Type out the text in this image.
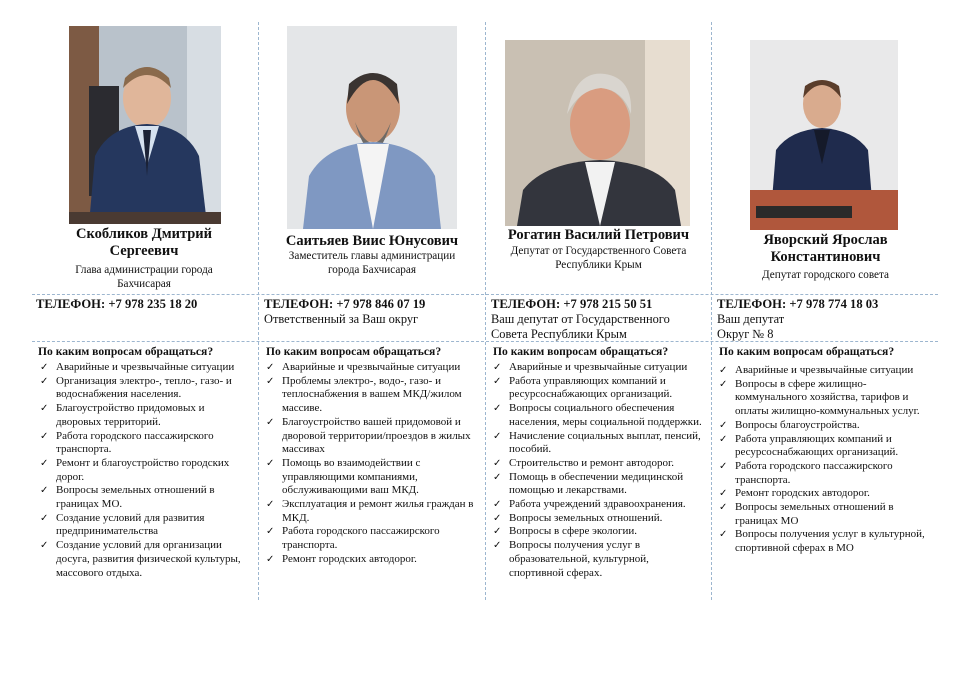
Скобликов Дмитрий
Сергеевич
Глава администрации города Бахчисарая
ТЕЛЕФОН: +7 978 235 18 20
По каким вопросам обращаться?
✓ Аварийные и чрезвычайные ситуации
✓ Организация электро-, тепло-, газо- и водоснабжения населения.
✓ Благоустройство придомовых и дворовых территорий.
✓ Работа городского пассажирского транспорта.
✓ Ремонт и благоустройство городских дорог.
✓ Вопросы земельных отношений в границах МО.
✓ Создание условий для развития предпринимательства
✓ Создание условий для организации досуга, развития физической культуры, массового отдыха.
Саитьяев Виис Юнусович
Заместитель главы администрации города Бахчисарая
ТЕЛЕФОН: +7 978 846 07 19
Ответственный за Ваш округ
По каким вопросам обращаться?
✓ Аварийные и чрезвычайные ситуации
✓ Проблемы электро-, водо-, газо- и теплоснабжения в вашем МКД/жилом массиве.
✓ Благоустройство вашей придомовой и дворовой территории/проездов в жилых массивах
✓ Помощь во взаимодействии с управляющими компаниями, обслуживающими ваш МКД.
✓ Эксплуатация и ремонт жилья граждан в МКД.
✓ Работа городского пассажирского транспорта.
✓ Ремонт городских автодорог.
Рогатин Василий Петрович
Депутат от Государственного Совета Республики Крым
ТЕЛЕФОН: +7 978 215 50 51
Ваш депутат от Государственного Совета Республики Крым
По каким вопросам обращаться?
✓ Аварийные и чрезвычайные ситуации
✓ Работа управляющих компаний и ресурсоснабжающих организаций.
✓ Вопросы социального обеспечения населения, меры социальной поддержки.
✓ Начисление социальных выплат, пенсий, пособий.
✓ Строительство и ремонт автодорог.
✓ Помощь в обеспечении медицинской помощью и лекарствами.
✓ Работа учреждений здравоохранения.
✓ Вопросы земельных отношений.
✓ Вопросы в сфере экологии.
✓ Вопросы получения услуг в образовательной, культурной, спортивной сферах.
Яворский Ярослав
Константинович
Депутат городского совета
ТЕЛЕФОН: +7 978 774 18 03
Ваш депутат Округ № 8
По каким вопросам обращаться?
✓ Аварийные и чрезвычайные ситуации
✓ Вопросы в сфере жилищно-коммунального хозяйства, тарифов и оплаты жилищно-коммунальных услуг.
✓ Вопросы благоустройства.
✓ Работа управляющих компаний и ресурсоснабжающих организаций.
✓ Работа городского пассажирского транспорта.
✓ Ремонт городских автодорог.
✓ Вопросы земельных отношений в границах МО
✓ Вопросы получения услуг в культурной, спортивной сферах в МО
